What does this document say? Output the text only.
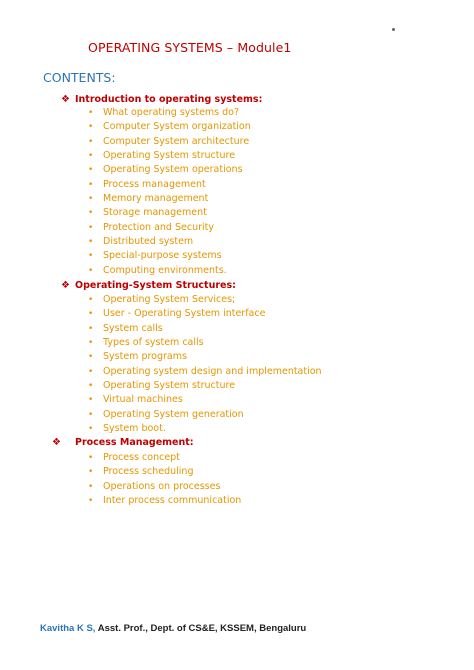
OPERATING SYSTEMS – Module1
CONTENTS:
❖ Introduction to operating systems:
• What operating systems do?
• Computer System organization
• Computer System architecture
• Operating System structure
• Operating System operations
• Process management
• Memory management
• Storage management
• Protection and Security
• Distributed system
• Special-purpose systems
• Computing environments.
❖ Operating-System Structures:
• Operating System Services;
• User - Operating System interface
• System calls
• Types of system calls
• System programs
• Operating system design and implementation
• Operating System structure
• Virtual machines
• Operating System generation
• System boot.
❖ Process Management:
• Process concept
• Process scheduling
• Operations on processes
• Inter process communication
Kavitha K S, Asst. Prof., Dept. of CS&E, KSSEM, Bengaluru
